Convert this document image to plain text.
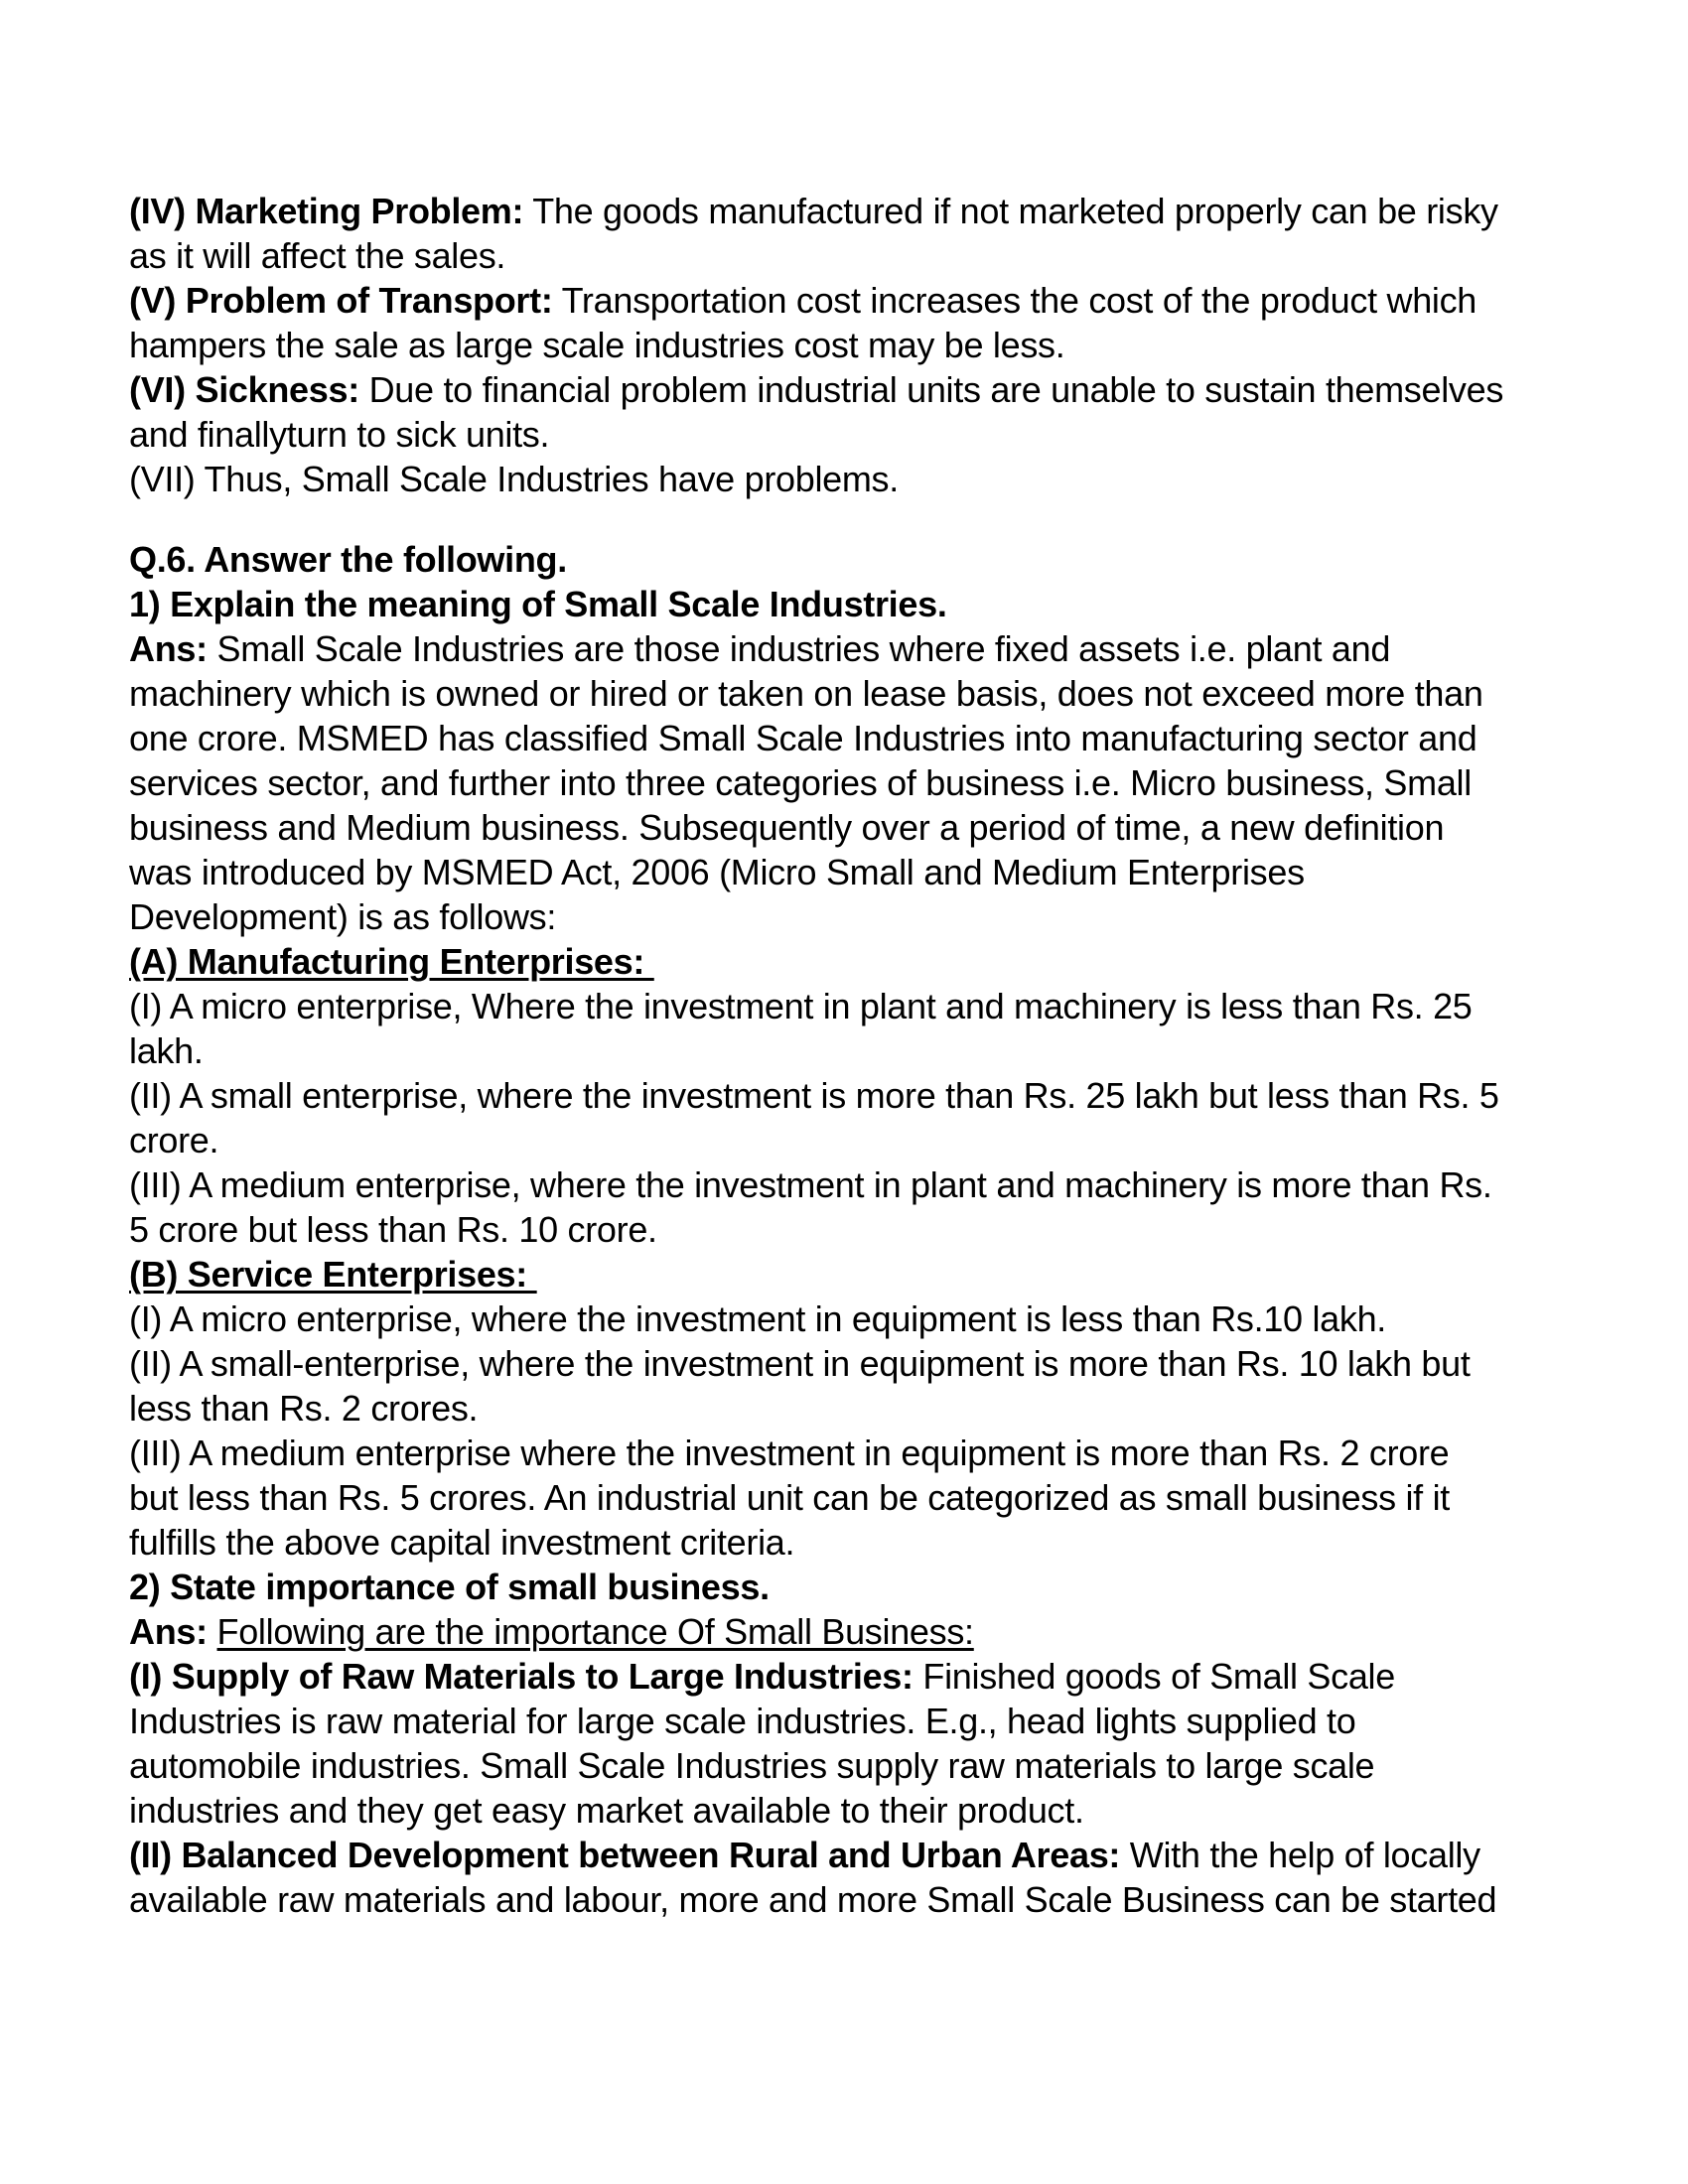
(IV) Marketing Problem: The goods manufactured if not marketed properly can be risky
as it will affect the sales.
(V) Problem of Transport: Transportation cost increases the cost of the product which
hampers the sale as large scale industries cost may be less.
(VI) Sickness: Due to financial problem industrial units are unable to sustain themselves
and finallyturn to sick units.
(VII) Thus, Small Scale Industries have problems.
Q.6. Answer the following.
1) Explain the meaning of Small Scale Industries.
Ans: Small Scale Industries are those industries where fixed assets i.e. plant and
machinery which is owned or hired or taken on lease basis, does not exceed more than
one crore. MSMED has classified Small Scale Industries into manufacturing sector and
services sector, and further into three categories of business i.e. Micro business, Small
business and Medium business. Subsequently over a period of time, a new definition
was introduced by MSMED Act, 2006 (Micro Small and Medium Enterprises
Development) is as follows:
(A) Manufacturing Enterprises:
(I) A micro enterprise, Where the investment in plant and machinery is less than Rs. 25
lakh.
(II) A small enterprise, where the investment is more than Rs. 25 lakh but less than Rs. 5
crore.
(III) A medium enterprise, where the investment in plant and machinery is more than Rs.
5 crore but less than Rs. 10 crore.
(B) Service Enterprises:
(I) A micro enterprise, where the investment in equipment is less than Rs.10 lakh.
(II) A small-enterprise, where the investment in equipment is more than Rs. 10 lakh but
less than Rs. 2 crores.
(III) A medium enterprise where the investment in equipment is more than Rs. 2 crore
but less than Rs. 5 crores. An industrial unit can be categorized as small business if it
fulfills the above capital investment criteria.
2) State importance of small business.
Ans: Following are the importance Of Small Business:
(I) Supply of Raw Materials to Large Industries: Finished goods of Small Scale
Industries is raw material for large scale industries. E.g., head lights supplied to
automobile industries. Small Scale Industries supply raw materials to large scale
industries and they get easy market available to their product.
(II) Balanced Development between Rural and Urban Areas: With the help of locally
available raw materials and labour, more and more Small Scale Business can be started
